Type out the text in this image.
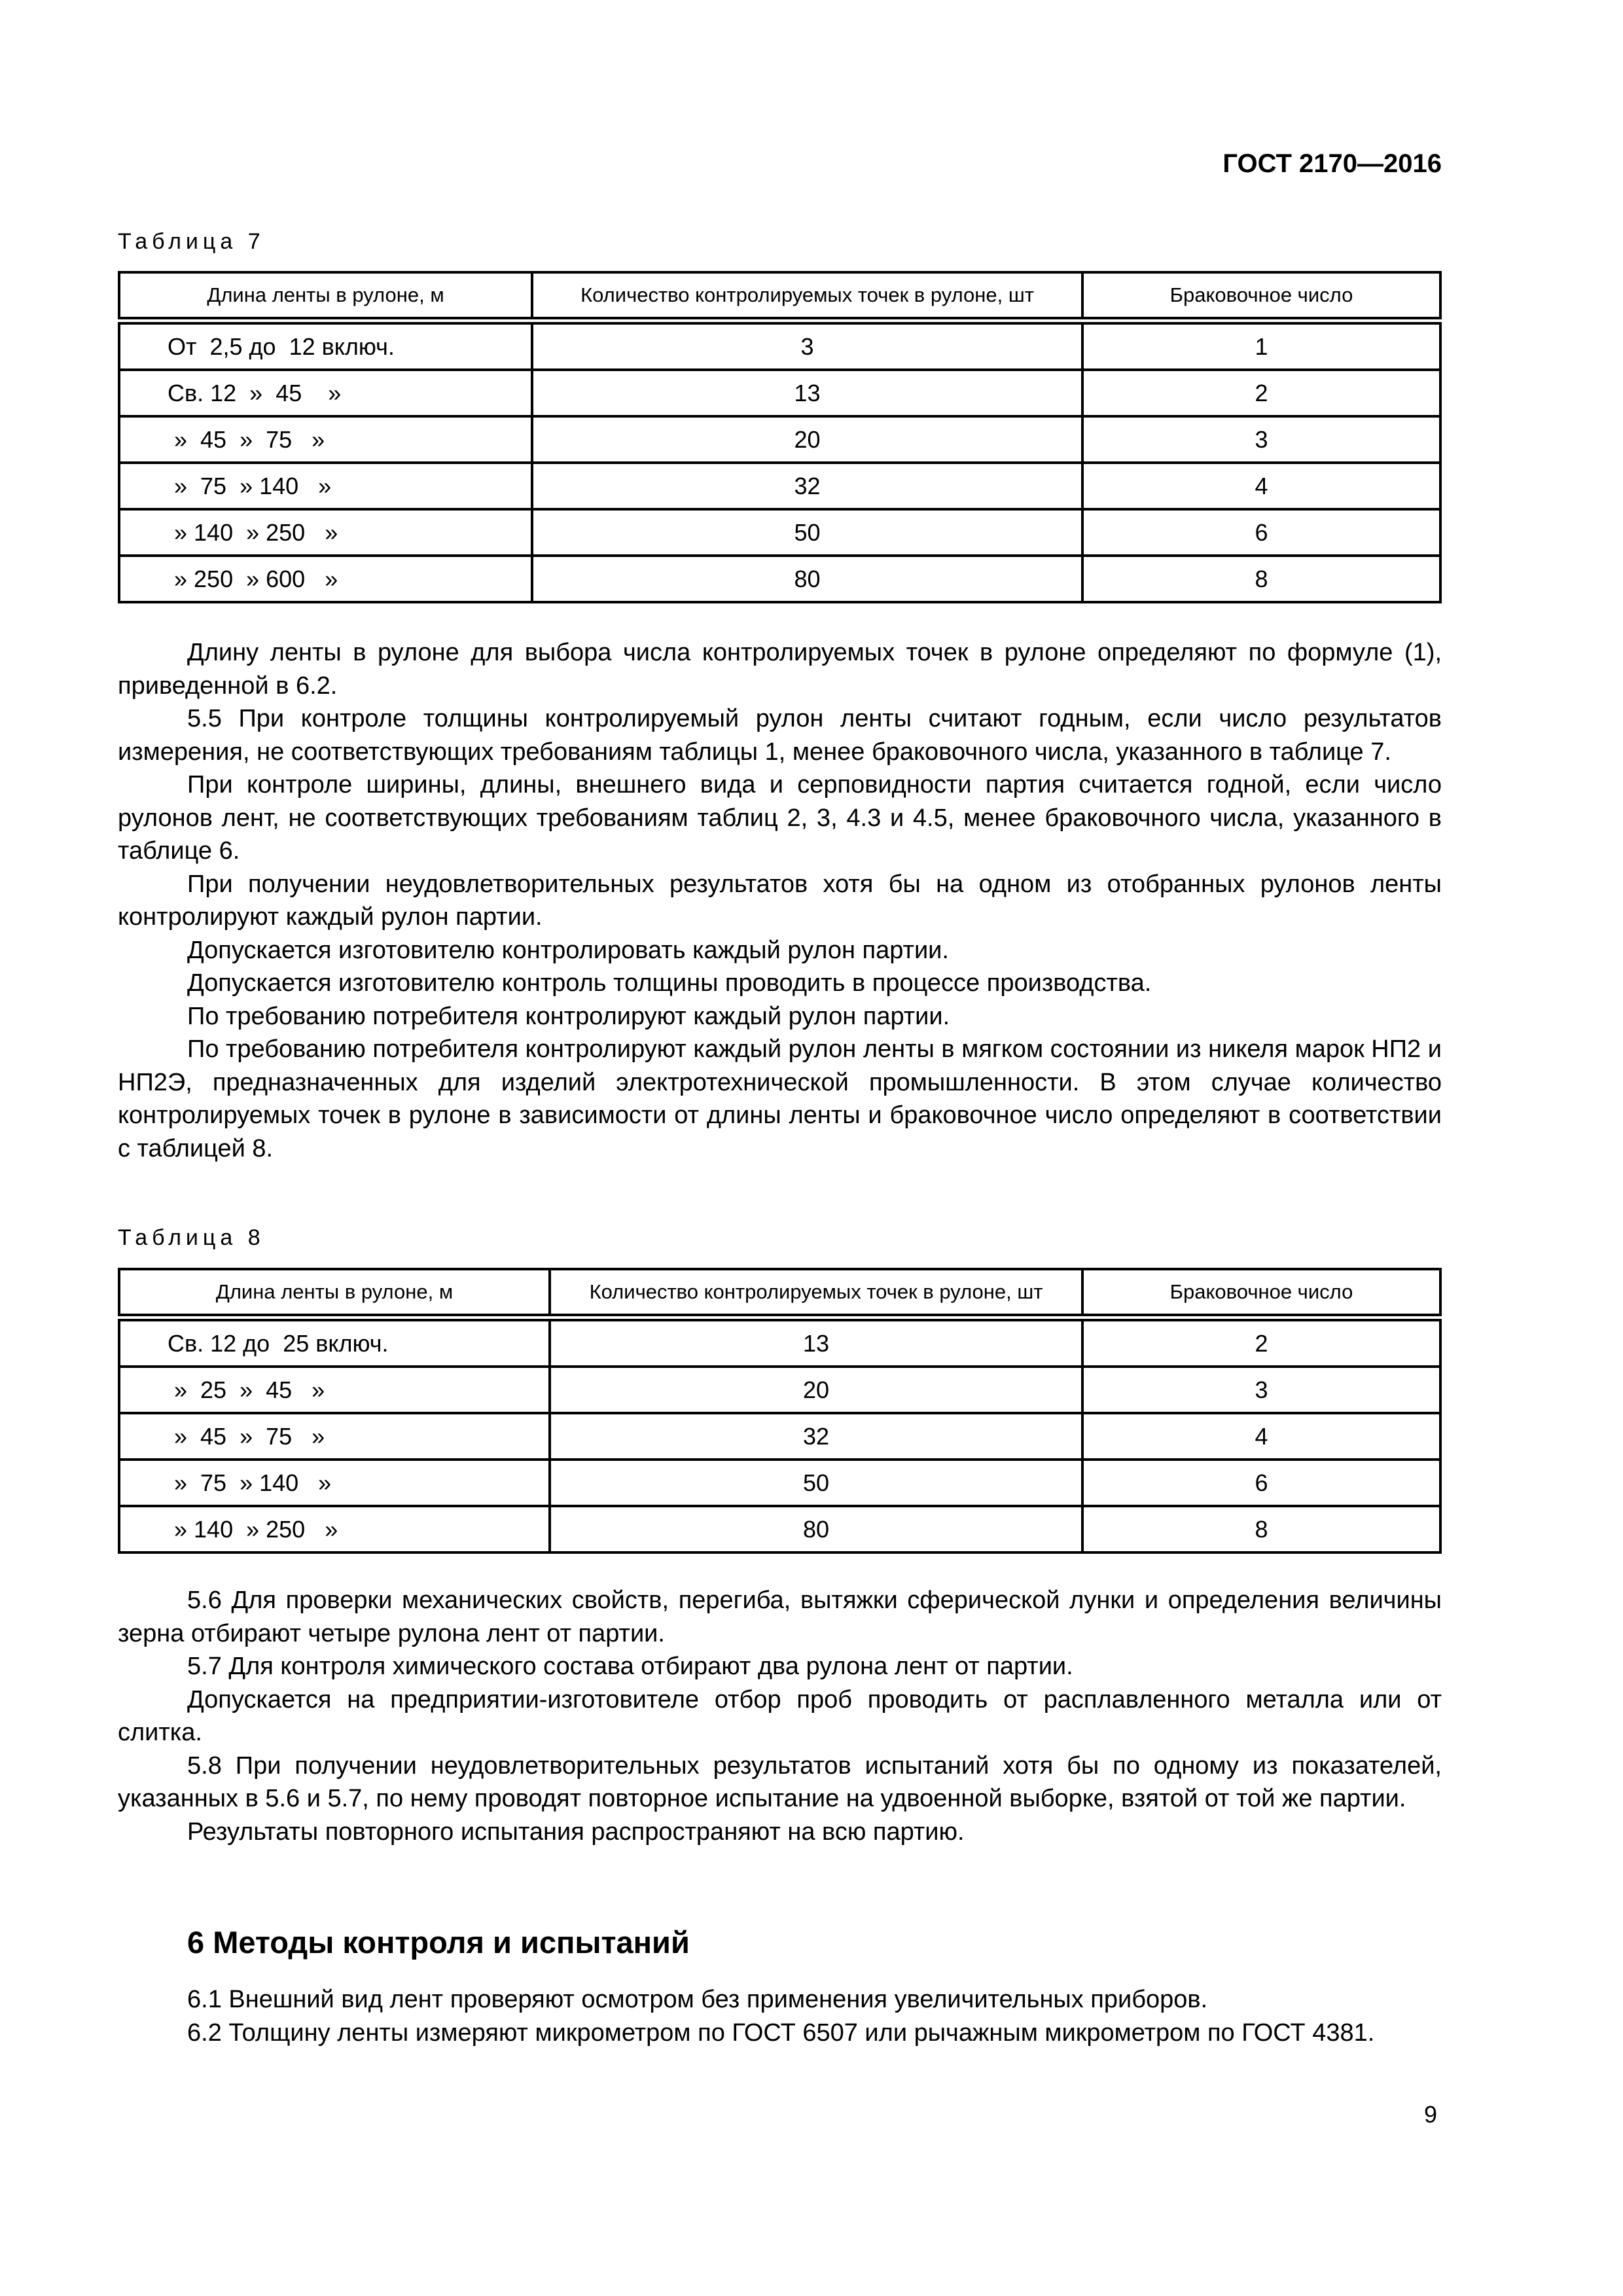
ГОСТ 2170—2016
Таблица 7
Длина ленты в рулоне, м	Количество контролируемых точек в рулоне, шт	Браковочное число
От  2,5 до  12 включ.	3	1
Св. 12  »  45    »	13	2
»  45  »  75   »	20	3
»  75  » 140   »	32	4
» 140  » 250   »	50	6
» 250  » 600   »	80	8

Длину ленты в рулоне для выбора числа контролируемых точек в рулоне определяют по формуле (1), приведенной в 6.2.

5.5 При контроле толщины контролируемый рулон ленты считают годным, если число результатов измерения, не соответствующих требованиям таблицы 1, менее браковочного числа, указанного в таблице 7.

При контроле ширины, длины, внешнего вида и серповидности партия считается годной, если число рулонов лент, не соответствующих требованиям таблиц 2, 3, 4.3 и 4.5, менее браковочного числа, указанного в таблице 6.

При получении неудовлетворительных результатов хотя бы на одном из отобранных рулонов ленты контролируют каждый рулон партии.

Допускается изготовителю контролировать каждый рулон партии.

Допускается изготовителю контроль толщины проводить в процессе производства.

По требованию потребителя контролируют каждый рулон партии.

По требованию потребителя контролируют каждый рулон ленты в мягком состоянии из никеля марок НП2 и НП2Э, предназначенных для изделий электротехнической промышленности. В этом случае количество контролируемых точек в рулоне в зависимости от длины ленты и браковочное число определяют в соответствии с таблицей 8.

Таблица 8
Длина ленты в рулоне, м	Количество контролируемых точек в рулоне, шт	Браковочное число
Св. 12 до  25 включ.	13	2
»  25  »  45   »	20	3
»  45  »  75   »	32	4
»  75  » 140   »	50	6
» 140  » 250   »	80	8

5.6 Для проверки механических свойств, перегиба, вытяжки сферической лунки и определения величины зерна отбирают четыре рулона лент от партии.

5.7 Для контроля химического состава отбирают два рулона лент от партии.

Допускается на предприятии-изготовителе отбор проб проводить от расплавленного металла или от слитка.

5.8 При получении неудовлетворительных результатов испытаний хотя бы по одному из показателей, указанных в 5.6 и 5.7, по нему проводят повторное испытание на удвоенной выборке, взятой от той же партии.

Результаты повторного испытания распространяют на всю партию.

6 Методы контроля и испытаний

6.1 Внешний вид лент проверяют осмотром без применения увеличительных приборов.

6.2 Толщину ленты измеряют микрометром по ГОСТ 6507 или рычажным микрометром по ГОСТ 4381.

9
